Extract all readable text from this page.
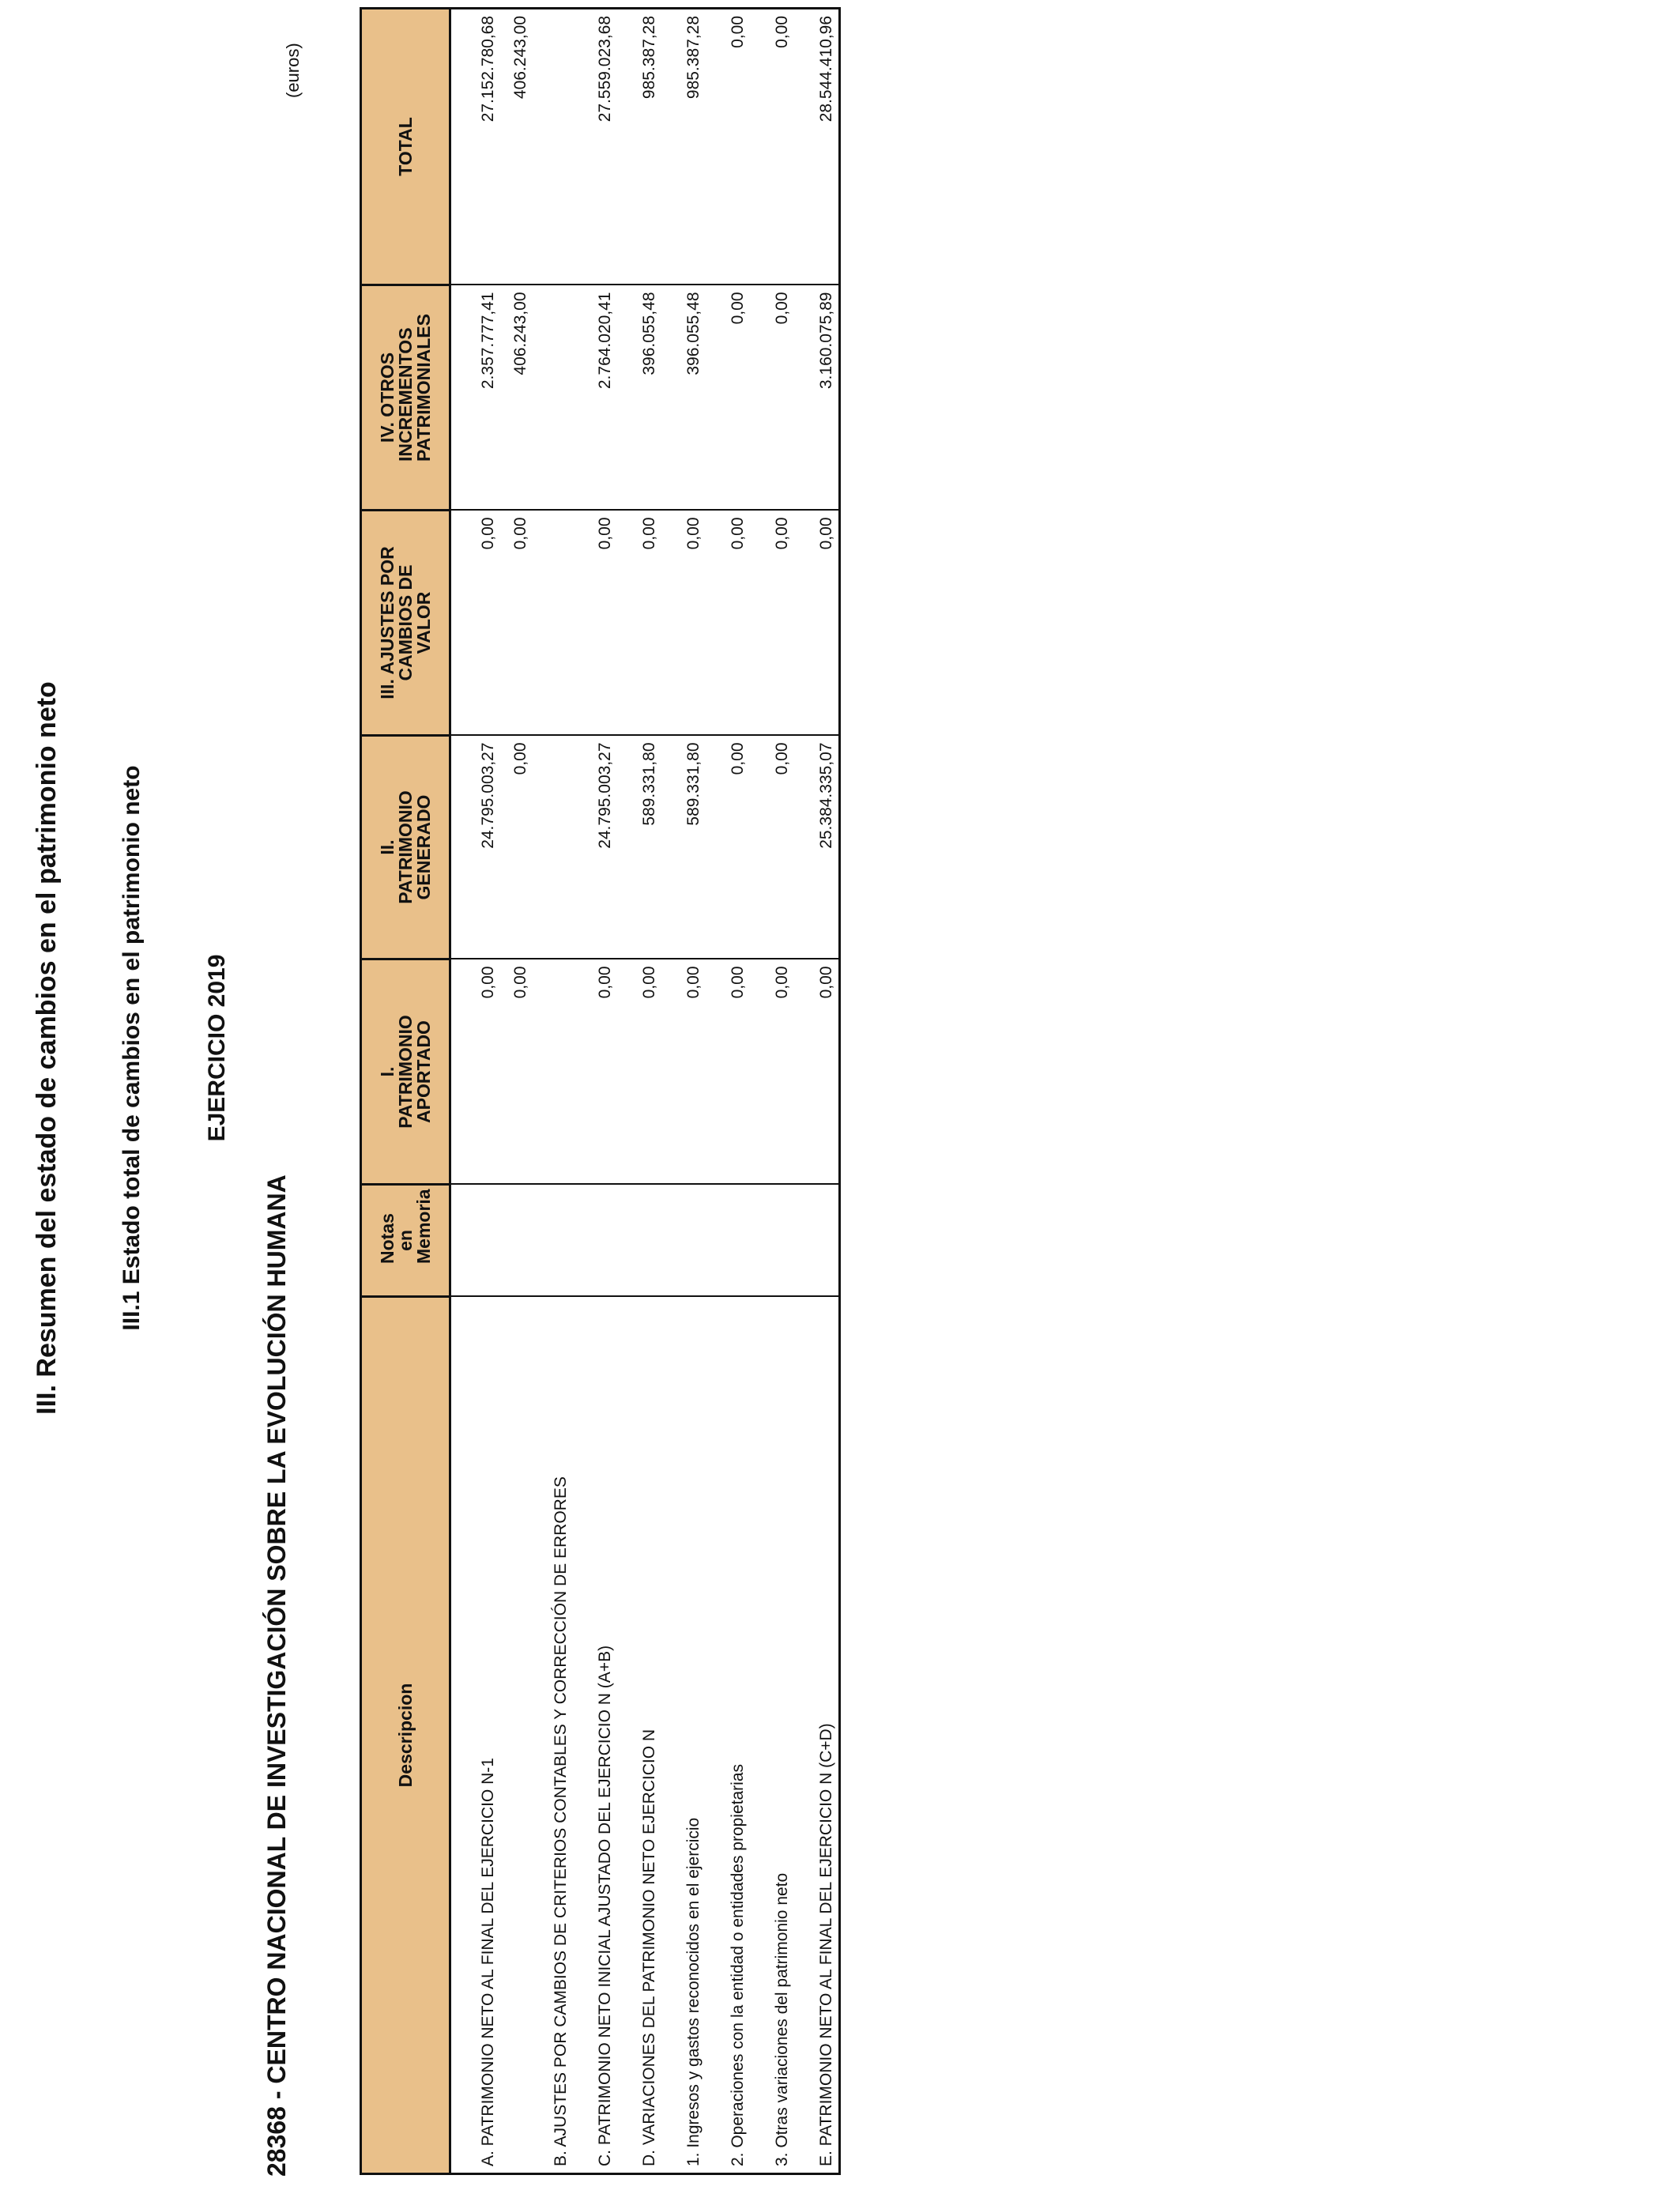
III. Resumen del estado de cambios en el patrimonio neto III.1 Estado total de cambios en el patrimonio neto	EJERCICIO 2019
28368 - CENTRO NACIONAL DE INVESTIGACIÓN SOBRE LA EVOLUCIÓN HUMANA
(euros)
Descripcion	Notas en Memoria	I. PATRIMONIO APORTADO	II. PATRIMONIO GENERADO	III. AJUSTES POR CAMBIOS DE VALOR	IV. OTROS INCREMENTOS PATRIMONIALES	TOTAL
A. PATRIMONIO NETO AL FINAL DEL EJERCICIO N-1		0,00	24.795.003,27	0,00	2.357.777,41	27.152.780,68
B. AJUSTES POR CAMBIOS DE CRITERIOS CONTABLES Y CORRECCIÓN DE ERRORES		0,00	0,00	0,00	406.243,00	406.243,00
C. PATRIMONIO NETO INICIAL AJUSTADO DEL EJERCICIO N (A+B)		0,00	24.795.003,27	0,00	2.764.020,41	27.559.023,68
D. VARIACIONES DEL PATRIMONIO NETO EJERCICIO N		0,00	589.331,80	0,00	396.055,48	985.387,28
1. Ingresos y gastos reconocidos en el ejercicio		0,00	589.331,80	0,00	396.055,48	985.387,28
2. Operaciones con la entidad o entidades propietarias		0,00	0,00	0,00	0,00	0,00
3. Otras variaciones del patrimonio neto		0,00	0,00	0,00	0,00	0,00
E. PATRIMONIO NETO AL FINAL DEL EJERCICIO N (C+D)		0,00	25.384.335,07	0,00	3.160.075,89	28.544.410,96
